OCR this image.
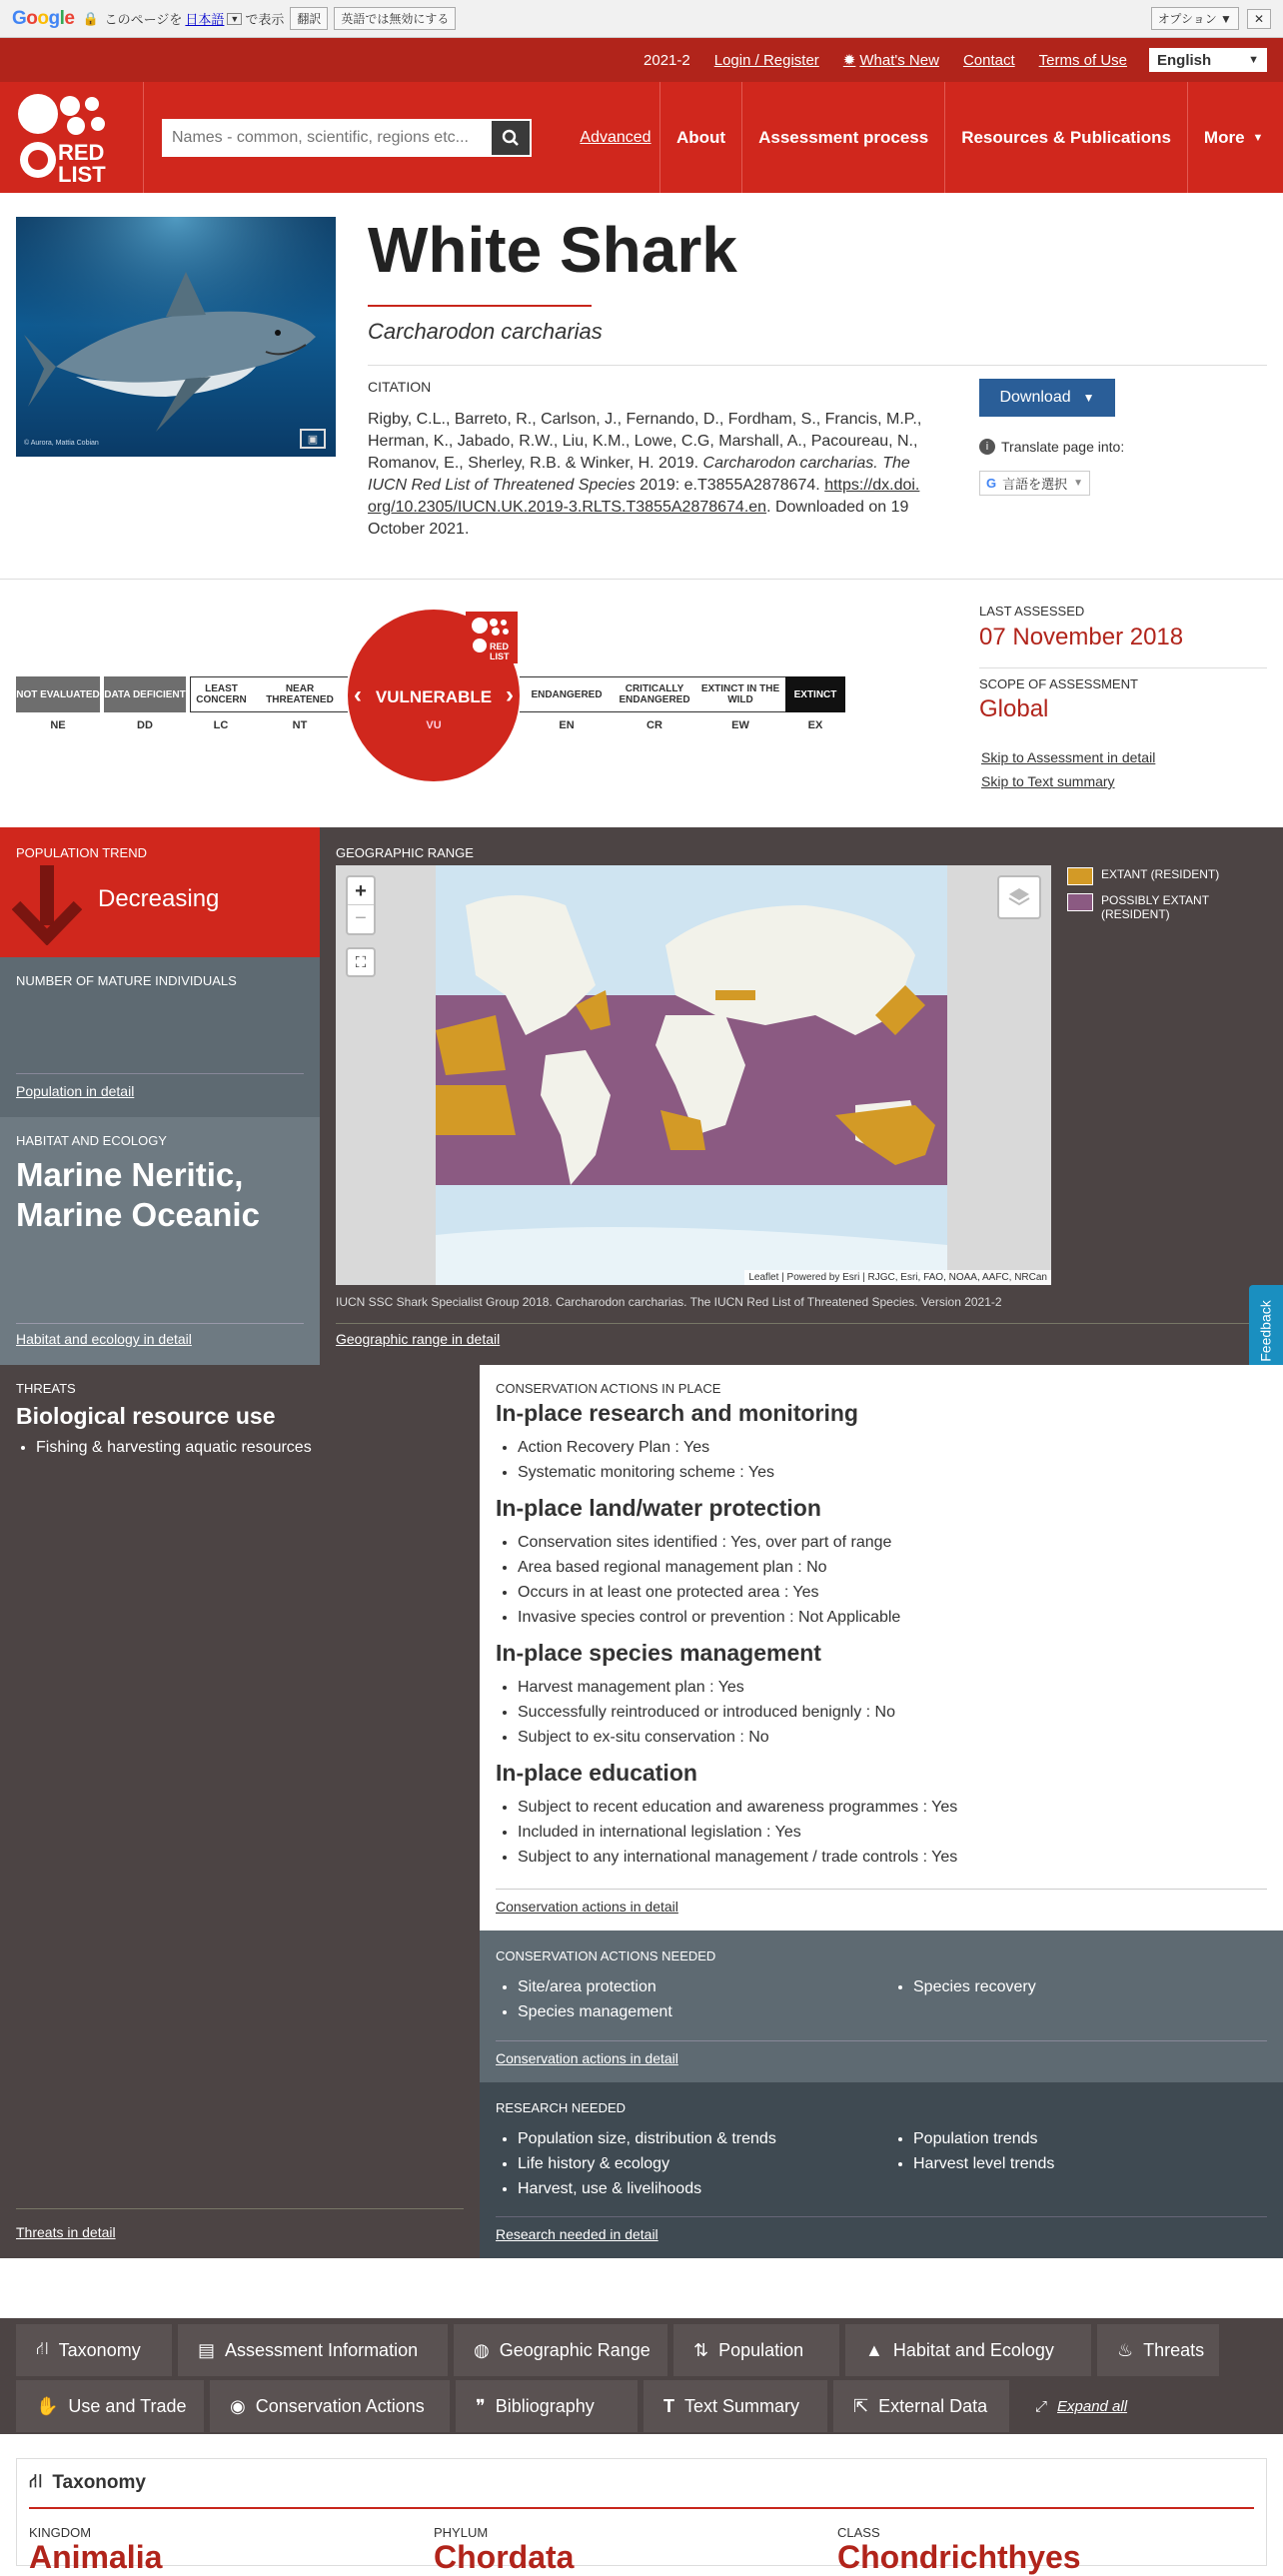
Google 🔒 このページを 日本語 ▼ で表示	翻訳	英語では無効にする	オプション ▼	✕
2021-2 Login / Register ✹ What's New Contact Terms of Use English	▼
RED
LIST
Names - common, scientific, regions etc...
Advanced	About	Assessment process	Resources & Publications	More ▼
© Aurora, Mattia Cobian	▣
White Shark
Carcharodon carcharias
CITATION
Rigby, C.L., Barreto, R., Carlson, J., Fernando, D., Fordham, S., Francis, M.P., Herman, K., Jabado, R.W., Liu, K.M., Lowe, C.G, Marshall, A., Pacoureau, N., Romanov, E., Sherley, R.B. & Winker, H. 2019. Carcharodon carcharias. The IUCN Red List of Threatened Species 2019: e.T3855A2878674. https://dx.doi.org/10.2305/IUCN.UK.2019-3.RLTS.T3855A2878674.en. Downloaded on 19 October 2021.
Download ▼
i Translate page into:
G 言語を選択 ▼
NOT EVALUATED DATA DEFICIENT	LEAST CONCERN
NEAR THREATENED	ENDANGERED	CRITICALLY ENDANGERED
EXTINCT IN THE WILD	EXTINCT
RED
LIST
‹ VULNERABLE ›
VU
NE	DD	LC	NT	EN	CR	EW	EX
LAST ASSESSED
07 November 2018
SCOPE OF ASSESSMENT
Global
Skip to Assessment in detail
Skip to Text summary
POPULATION TREND
Decreasing
NUMBER OF MATURE INDIVIDUALS
Population in detail
HABITAT AND ECOLOGY
Marine Neritic, Marine Oceanic
Habitat and ecology in detail
GEOGRAPHIC RANGE
+
−
⛶
Leaflet | Powered by Esri | RJGC, Esri, FAO, NOAA, AAFC, NRCan
EXTANT (RESIDENT)
POSSIBLY EXTANT (RESIDENT)
IUCN SSC Shark Specialist Group 2018. Carcharodon carcharias. The IUCN Red List of Threatened Species. Version 2021-2
Geographic range in detail	Feedback
THREATS
Biological resource use
• Fishing & harvesting aquatic resources
Threats in detail
CONSERVATION ACTIONS IN PLACE
In-place research and monitoring
• Action Recovery Plan : Yes
• Systematic monitoring scheme : Yes
In-place land/water protection
• Conservation sites identified : Yes, over part of range
• Area based regional management plan : No
• Occurs in at least one protected area : Yes
• Invasive species control or prevention : Not Applicable
In-place species management
• Harvest management plan : Yes
• Successfully reintroduced or introduced benignly : No
• Subject to ex-situ conservation : No
In-place education
• Subject to recent education and awareness programmes : Yes
• Included in international legislation : Yes
• Subject to any international management / trade controls : Yes
Conservation actions in detail
CONSERVATION ACTIONS NEEDED
• Site/area protection
• Species management
• Species recovery
Conservation actions in detail
RESEARCH NEEDED
• Population size, distribution & trends
• Life history & ecology
• Harvest, use & livelihoods
• Population trends
• Harvest level trends
Research needed in detail
⛙ Taxonomy	▤ Assessment Information	◍ Geographic Range ⇅ Population	▲ Habitat and Ecology	♨ Threats
✋ Use and Trade ◉ Conservation Actions	❞ Bibliography	T Text Summary	⇱ External Data	⤢ Expand all
⛙ Taxonomy
KINGDOM
Animalia
PHYLUM
Chordata
CLASS
Chondrichthyes
